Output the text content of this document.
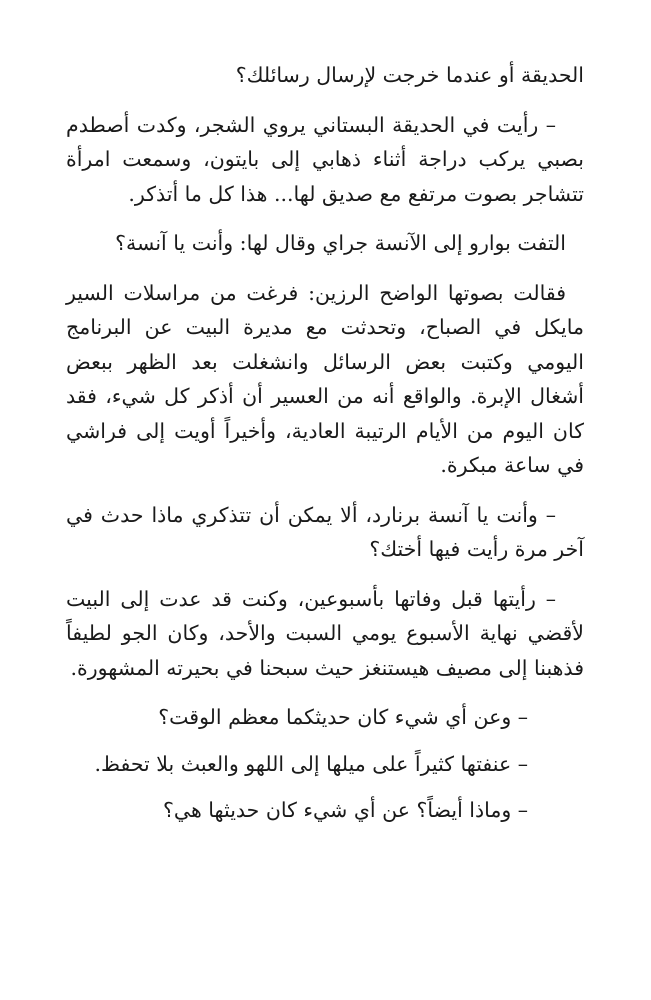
الحديقة أو عندما خرجت لإرسال رسائلك؟

– رأيت في الحديقة البستاني يروي الشجر، وكدت أصطدم بصبي يركب دراجة أثناء ذهابي إلى بايتون، وسمعت امرأة تتشاجر بصوت مرتفع مع صديق لها... هذا كل ما أتذكر.

التفت بوارو إلى الآنسة جراي وقال لها: وأنت يا آنسة؟

فقالت بصوتها الواضح الرزين: فرغت من مراسلات السير مايكل في الصباح، وتحدثت مع مديرة البيت عن البرنامج اليومي وكتبت بعض الرسائل وانشغلت بعد الظهر ببعض أشغال الإبرة. والواقع أنه من العسير أن أذكر كل شيء، فقد كان اليوم من الأيام الرتيبة العادية، وأخيراً أويت إلى فراشي في ساعة مبكرة.

– وأنت يا آنسة برنارد، ألا يمكن أن تتذكري ماذا حدث في آخر مرة رأيت فيها أختك؟

– رأيتها قبل وفاتها بأسبوعين، وكنت قد عدت إلى البيت لأقضي نهاية الأسبوع يومي السبت والأحد، وكان الجو لطيفاً فذهبنا إلى مصيف هيستنغز حيث سبحنا في بحيرته المشهورة.

– وعن أي شيء كان حديثكما معظم الوقت؟

– عنفتها كثيراً على ميلها إلى اللهو والعبث بلا تحفظ.

– وماذا أيضاً؟ عن أي شيء كان حديثها هي؟
